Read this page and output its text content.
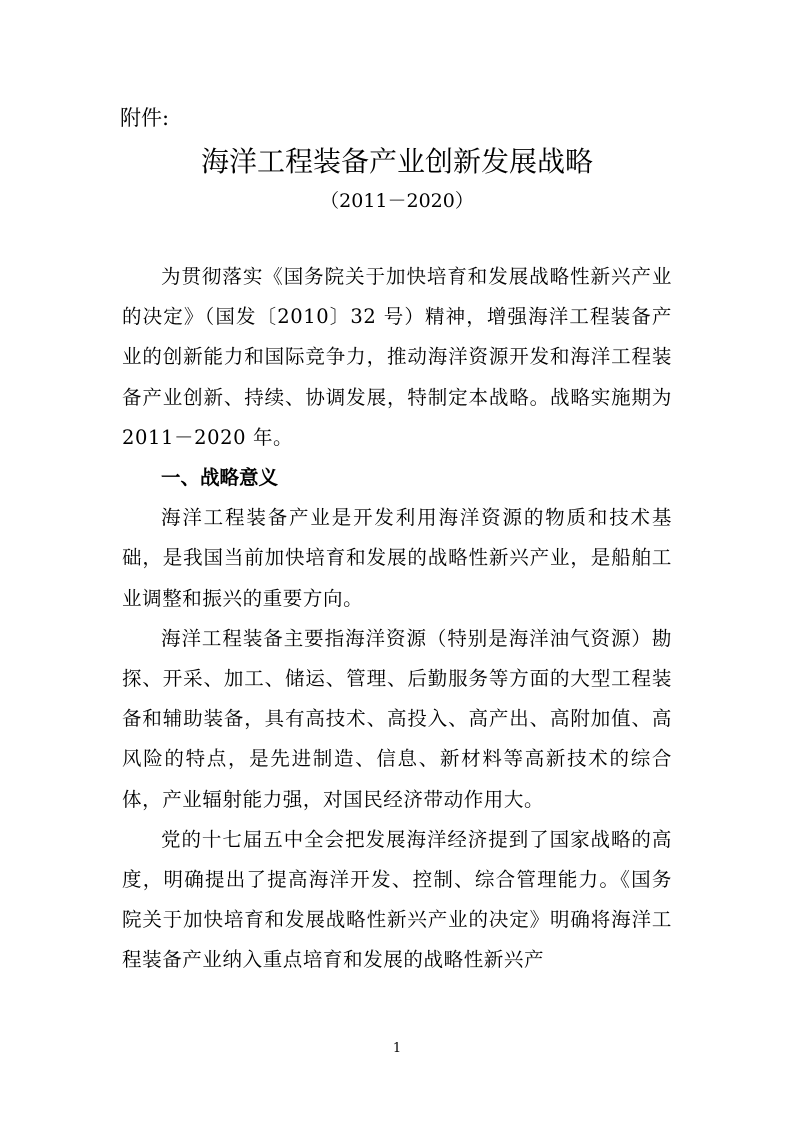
附件:
海洋工程装备产业创新发展战略
（2011－2020）

为贯彻落实《国务院关于加快培育和发展战略性新兴产业的决定》（国发〔2010〕32 号）精神，增强海洋工程装备产业的创新能力和国际竞争力，推动海洋资源开发和海洋工程装备产业创新、持续、协调发展，特制定本战略。战略实施期为 2011－2020 年。

一、战略意义

海洋工程装备产业是开发利用海洋资源的物质和技术基础，是我国当前加快培育和发展的战略性新兴产业，是船舶工业调整和振兴的重要方向。

海洋工程装备主要指海洋资源（特别是海洋油气资源）勘探、开采、加工、储运、管理、后勤服务等方面的大型工程装备和辅助装备，具有高技术、高投入、高产出、高附加值、高风险的特点，是先进制造、信息、新材料等高新技术的综合体，产业辐射能力强，对国民经济带动作用大。

党的十七届五中全会把发展海洋经济提到了国家战略的高度，明确提出了提高海洋开发、控制、综合管理能力。《国务院关于加快培育和发展战略性新兴产业的决定》明确将海洋工程装备产业纳入重点培育和发展的战略性新兴产

1
